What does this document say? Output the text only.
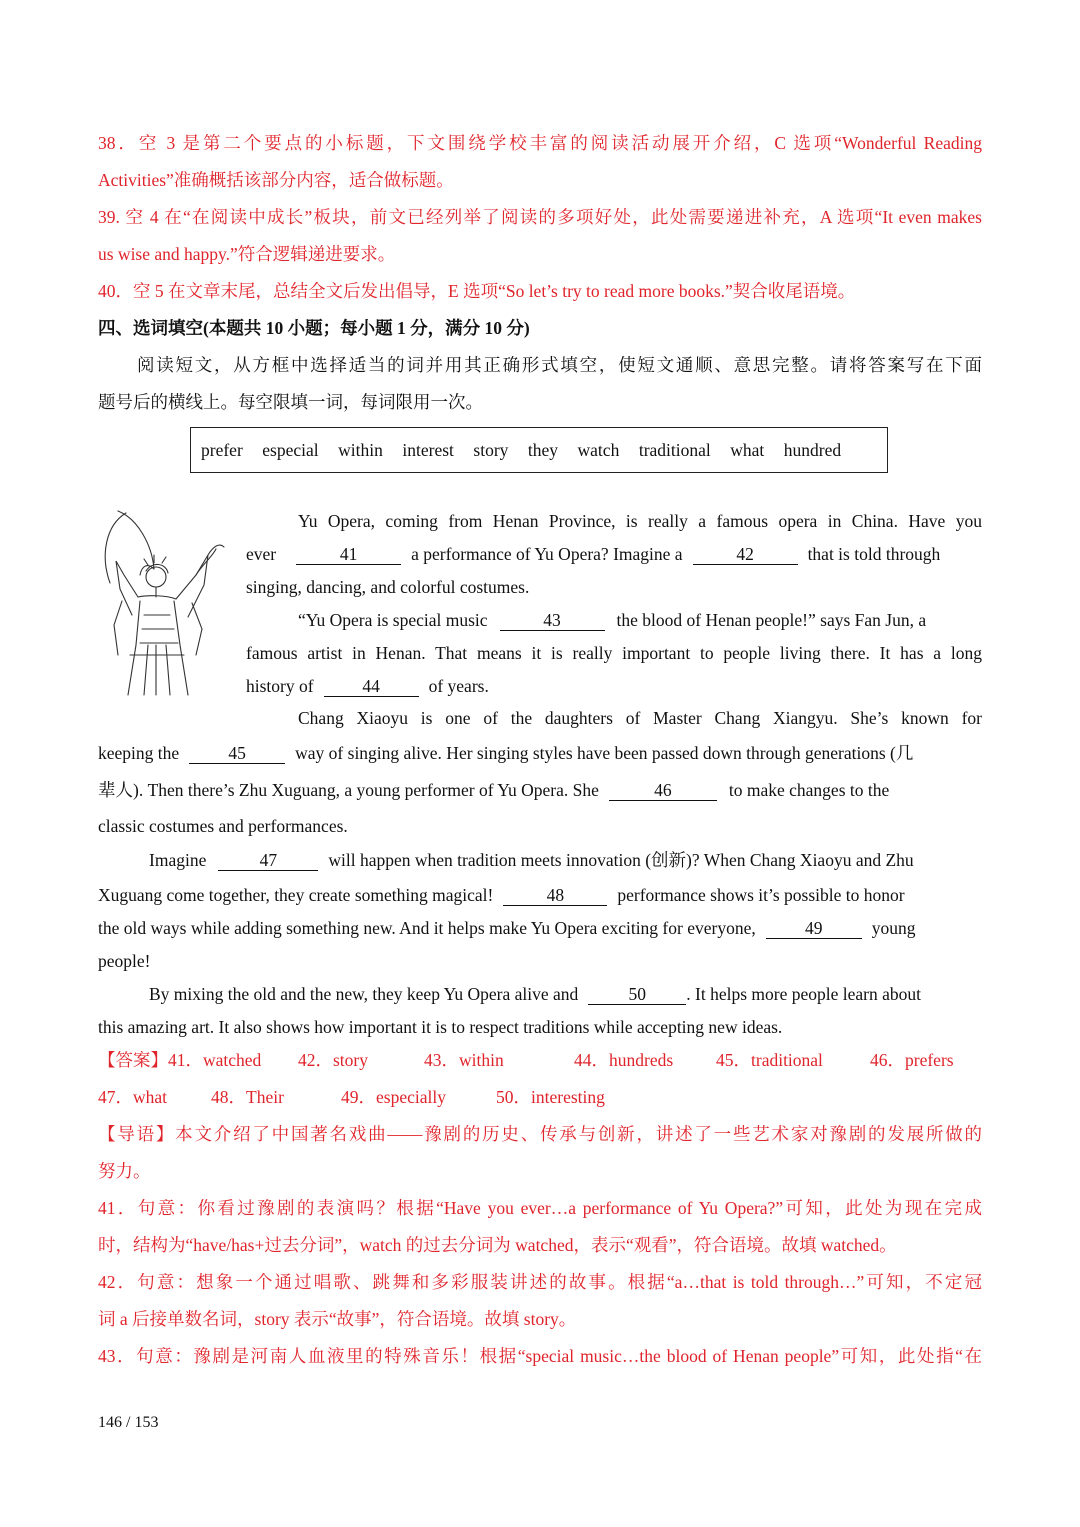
38．空 3 是第二个要点的小标题，下文围绕学校丰富的阅读活动展开介绍，C 选项“Wonderful Reading
Activities”准确概括该部分内容，适合做标题。
39. 空 4 在“在阅读中成长”板块，前文已经列举了阅读的多项好处，此处需要递进补充，A 选项“It even makes
us wise and happy.”符合逻辑递进要求。
40．空 5 在文章末尾，总结全文后发出倡导，E 选项“So let’s try to read more books.”契合收尾语境。
四、选词填空(本题共 10 小题；每小题 1 分，满分 10 分)
阅读短文，从方框中选择适当的词并用其正确形式填空，使短文通顺、意思完整。请将答案写在下面
题号后的横线上。每空限填一词，每词限用一次。
prefer especial within interest story they watch traditional what hundred
Yu Opera, coming from Henan Province, is really a famous opera in China. Have you
ever	41	a performance of Yu Opera? Imagine a	42	that is told through
singing, dancing, and colorful costumes.
“Yu Opera is special music	43	the blood of Henan people!” says Fan Jun, a
famous artist in Henan. That means it is really important to people living there. It has a long
history of	44	of years.
Chang Xiaoyu is one of the daughters of Master Chang Xiangyu. She’s known for
keeping the	45	way of singing alive. Her singing styles have been passed down through generations (几
辈人). Then there’s Zhu Xuguang, a young performer of Yu Opera. She	46	to make changes to the
classic costumes and performances.
Imagine	47	will happen when tradition meets innovation (创新)? When Chang Xiaoyu and Zhu
Xuguang come together, they create something magical!	48	performance shows it’s possible to honor
the old ways while adding something new. And it helps make Yu Opera exciting for everyone,	49	young
people!
By mixing the old and the new, they keep Yu Opera alive and	50 . It helps more people learn about
this amazing art. It also shows how important it is to respect traditions while accepting new ideas.
【答案】41．watched 42．story	43．within	44．hundreds 45．traditional	46．prefers
47．what	48．Their	49．especially	50．interesting
【导语】本文介绍了中国著名戏曲——豫剧的历史、传承与创新，讲述了一些艺术家对豫剧的发展所做的
努力。
41．句意：你看过豫剧的表演吗？根据“Have you ever…a performance of Yu Opera?”可知，此处为现在完成
时，结构为“have/has+过去分词”，watch 的过去分词为 watched，表示“观看”，符合语境。故填 watched。
42．句意：想象一个通过唱歌、跳舞和多彩服装讲述的故事。根据“a…that is told through…”可知，不定冠
词 a 后接单数名词，story 表示“故事”，符合语境。故填 story。
43．句意：豫剧是河南人血液里的特殊音乐！根据“special music…the blood of Henan people”可知，此处指“在
146 / 153
